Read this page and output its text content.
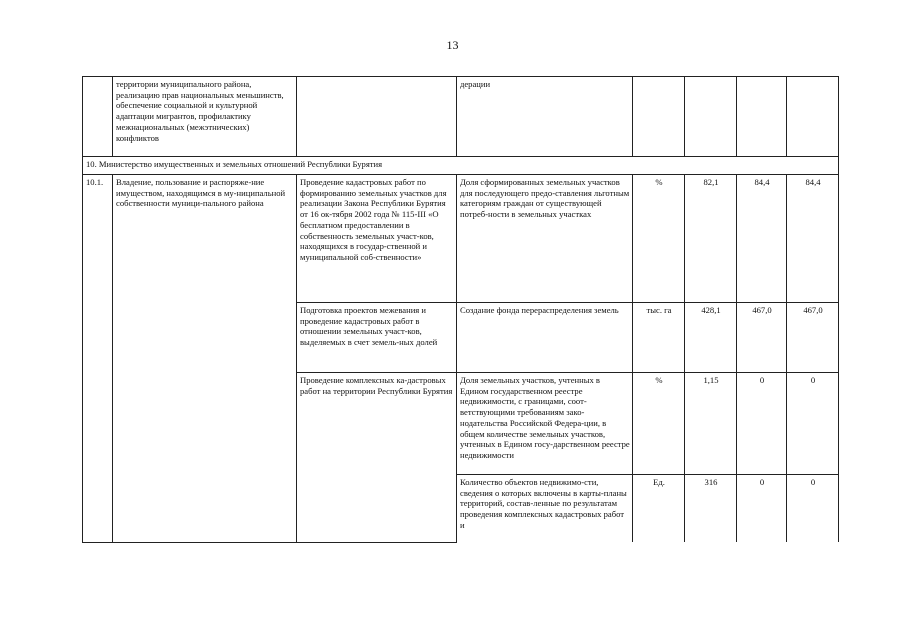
13
	территории муниципального района, реализацию прав национальных меньшинств, обеспечение социальной и культурной адаптации мигрантов, профилактику межнациональных (межэтнических) конфликтов		дерации				
10. Министерство имущественных и земельных отношений Республики Бурятия							
10.1.	Владение, пользование и распоряже-ние имуществом, находящимся в му-ниципальной собственности муници-пального района	Проведение кадастровых работ по формированию земельных участков для реализации Закона Республики Бурятия от 16 ок-тября 2002 года № 115-III «О бесплатном предоставлении в собственность земельных участ-ков, находящихся в государ-ственной и муниципальной соб-ственности»	Доля сформированных земельных участков для последующего предо-ставления льготным категориям граждан от существующей потреб-ности в земельных участках	%	82,1	84,4	84,4
		Подготовка проектов межевания и проведение кадастровых работ в отношении земельных участ-ков, выделяемых в счет земель-ных долей	Создание фонда перераспределения земель	тыс. га	428,1	467,0	467,0
		Проведение комплексных ка-дастровых работ на территории Республики Бурятия	Доля земельных участков, учтенных в Едином государственном реестре недвижимости, с границами, соот-ветствующими требованиям зако-нодательства Российской Федера-ции, в общем количестве земельных участков, учтенных в Едином госу-дарственном реестре недвижимости	%	1,15	0	0
			Количество объектов недвижимо-сти, сведения о которых включены в карты-планы территорий, состав-ленные по результатам проведения комплексных кадастровых работ и	Ед.	316	0	0
